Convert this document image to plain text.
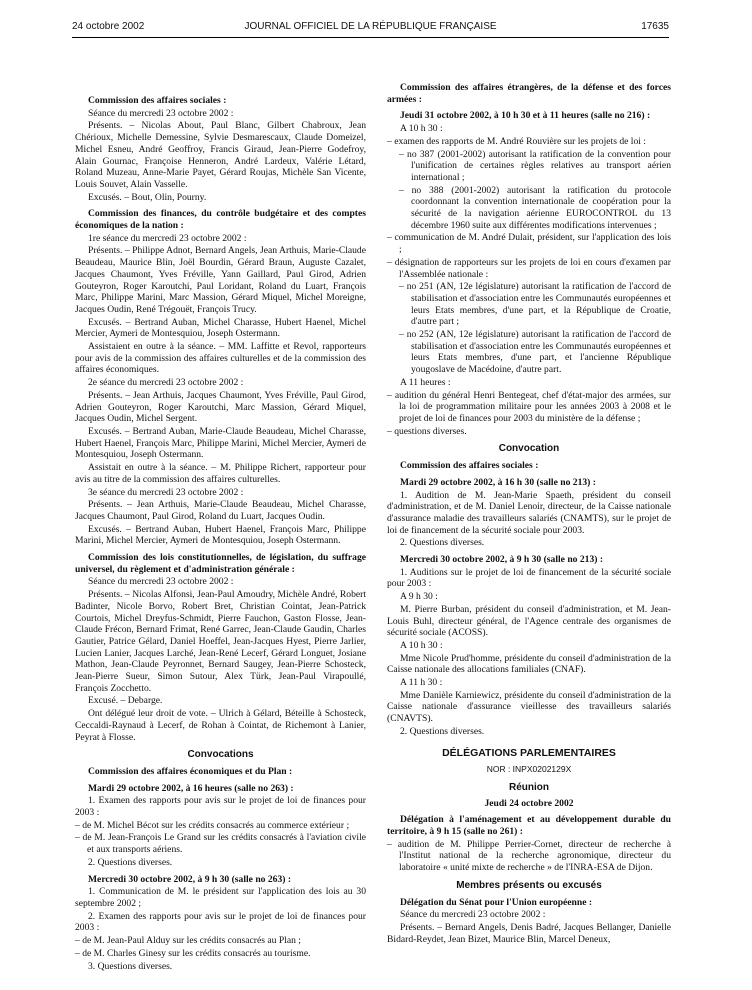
24 octobre 2002	JOURNAL OFFICIEL DE LA RÉPUBLIQUE FRANÇAISE	17635

Commission des affaires sociales :

Séance du mercredi 23 octobre 2002 :

Présents. – Nicolas About, Paul Blanc, Gilbert Chabroux, Jean Chérioux, Michelle Demessine, Sylvie Desmarescaux, Claude Domeizel, Michel Esneu, André Geoffroy, Francis Giraud, Jean-Pierre Godefroy, Alain Gournac, Françoise Henneron, André Lardeux, Valérie Létard, Roland Muzeau, Anne-Marie Payet, Gérard Roujas, Michèle San Vicente, Louis Souvet, Alain Vasselle.

Excusés. – Bout, Olin, Pourny.

Commission des finances, du contrôle budgétaire et des comptes économiques de la nation :

1re séance du mercredi 23 octobre 2002 :

Présents. – Philippe Adnot, Bernard Angels, Jean Arthuis, Marie-Claude Beaudeau, Maurice Blin, Joël Bourdin, Gérard Braun, Auguste Cazalet, Jacques Chaumont, Yves Fréville, Yann Gaillard, Paul Girod, Adrien Gouteyron, Roger Karoutchi, Paul Loridant, Roland du Luart, François Marc, Philippe Marini, Marc Massion, Gérard Miquel, Michel Moreigne, Jacques Oudin, René Trégouët, François Trucy.

Excusés. – Bertrand Auban, Michel Charasse, Hubert Haenel, Michel Mercier, Aymeri de Montesquiou, Joseph Ostermann.

Assistaient en outre à la séance. – MM. Laffitte et Revol, rapporteurs pour avis de la commission des affaires culturelles et de la commission des affaires économiques.

2e séance du mercredi 23 octobre 2002 :

Présents. – Jean Arthuis, Jacques Chaumont, Yves Fréville, Paul Girod, Adrien Gouteyron, Roger Karoutchi, Marc Massion, Gérard Miquel, Jacques Oudin, Michel Sergent.

Excusés. – Bertrand Auban, Marie-Claude Beaudeau, Michel Charasse, Hubert Haenel, François Marc, Philippe Marini, Michel Mercier, Aymeri de Montesquiou, Joseph Ostermann.

Assistait en outre à la séance. – M. Philippe Richert, rapporteur pour avis au titre de la commission des affaires culturelles.

3e séance du mercredi 23 octobre 2002 :

Présents. – Jean Arthuis, Marie-Claude Beaudeau, Michel Charasse, Jacques Chaumont, Paul Girod, Roland du Luart, Jacques Oudin.

Excusés. – Bertrand Auban, Hubert Haenel, François Marc, Philippe Marini, Michel Mercier, Aymeri de Montesquiou, Joseph Ostermann.

Commission des lois constitutionnelles, de législation, du suffrage universel, du règlement et d'administration générale :

Séance du mercredi 23 octobre 2002 :

Présents. – Nicolas Alfonsi, Jean-Paul Amoudry, Michèle André, Robert Badinter, Nicole Borvo, Robert Bret, Christian Cointat, Jean-Patrick Courtois, Michel Dreyfus-Schmidt, Pierre Fauchon, Gaston Flosse, Jean-Claude Frécon, Bernard Frimat, René Garrec, Jean-Claude Gaudin, Charles Gautier, Patrice Gélard, Daniel Hoeffel, Jean-Jacques Hyest, Pierre Jarlier, Lucien Lanier, Jacques Larché, Jean-René Lecerf, Gérard Longuet, Josiane Mathon, Jean-Claude Peyronnet, Bernard Saugey, Jean-Pierre Schosteck, Jean-Pierre Sueur, Simon Sutour, Alex Türk, Jean-Paul Virapoullé, François Zocchetto.

Excusé. – Debarge.

Ont délégué leur droit de vote. – Ulrich à Gélard, Béteille à Schosteck, Ceccaldi-Raynaud à Lecerf, de Rohan à Cointat, de Richemont à Lanier, Peyrat à Flosse.

Convocations

Commission des affaires économiques et du Plan :

Mardi 29 octobre 2002, à 16 heures (salle no 263) :

1. Examen des rapports pour avis sur le projet de loi de finances pour 2003 :

– de M. Michel Bécot sur les crédits consacrés au commerce extérieur ;

– de M. Jean-François Le Grand sur les crédits consacrés à l'aviation civile et aux transports aériens.

2. Questions diverses.

Mercredi 30 octobre 2002, à 9 h 30 (salle no 263) :

1. Communication de M. le président sur l'application des lois au 30 septembre 2002 ;

2. Examen des rapports pour avis sur le projet de loi de finances pour 2003 :

– de M. Jean-Paul Alduy sur les crédits consacrés au Plan ;

– de M. Charles Ginesy sur les crédits consacrés au tourisme.

3. Questions diverses.

Commission des affaires étrangères, de la défense et des forces armées :

Jeudi 31 octobre 2002, à 10 h 30 et à 11 heures (salle no 216) :

A 10 h 30 :

– examen des rapports de M. André Rouvière sur les projets de loi :

– no 387 (2001-2002) autorisant la ratification de la convention pour l'unification de certaines règles relatives au transport aérien international ;

– no 388 (2001-2002) autorisant la ratification du protocole coordonnant la convention internationale de coopération pour la sécurité de la navigation aérienne EUROCONTROL du 13 décembre 1960 suite aux différentes modifications intervenues ;

– communication de M. André Dulait, président, sur l'application des lois ;

– désignation de rapporteurs sur les projets de loi en cours d'examen par l'Assemblée nationale :

– no 251 (AN, 12e législature) autorisant la ratification de l'accord de stabilisation et d'association entre les Communautés européennes et leurs Etats membres, d'une part, et la République de Croatie, d'autre part ;

– no 252 (AN, 12e législature) autorisant la ratification de l'accord de stabilisation et d'association entre les Communautés européennes et leurs Etats membres, d'une part, et l'ancienne République yougoslave de Macédoine, d'autre part.

A 11 heures :

– audition du général Henri Bentegeat, chef d'état-major des armées, sur la loi de programmation militaire pour les années 2003 à 2008 et le projet de loi de finances pour 2003 du ministère de la défense ;

– questions diverses.

Convocation

Commission des affaires sociales :

Mardi 29 octobre 2002, à 16 h 30 (salle no 213) :

1. Audition de M. Jean-Marie Spaeth, président du conseil d'administration, et de M. Daniel Lenoir, directeur, de la Caisse nationale d'assurance maladie des travailleurs salariés (CNAMTS), sur le projet de loi de financement de la sécurité sociale pour 2003.

2. Questions diverses.

Mercredi 30 octobre 2002, à 9 h 30 (salle no 213) :

1. Auditions sur le projet de loi de financement de la sécurité sociale pour 2003 :

A 9 h 30 :

M. Pierre Burban, président du conseil d'administration, et M. Jean-Louis Buhl, directeur général, de l'Agence centrale des organismes de sécurité sociale (ACOSS).

A 10 h 30 :

Mme Nicole Prud'homme, présidente du conseil d'administration de la Caisse nationale des allocations familiales (CNAF).

A 11 h 30 :

Mme Danièle Karniewicz, présidente du conseil d'administration de la Caisse nationale d'assurance vieillesse des travailleurs salariés (CNAVTS).

2. Questions diverses.

DÉLÉGATIONS PARLEMENTAIRES

NOR : INPX0202129X

Réunion

Jeudi 24 octobre 2002

Délégation à l'aménagement et au développement durable du territoire, à 9 h 15 (salle no 261) :

– audition de M. Philippe Perrier-Cornet, directeur de recherche à l'Institut national de la recherche agronomique, directeur du laboratoire « unité mixte de recherche » de l'INRA-ESA de Dijon.

Membres présents ou excusés

Délégation du Sénat pour l'Union européenne :

Séance du mercredi 23 octobre 2002 :

Présents. – Bernard Angels, Denis Badré, Jacques Bellanger, Danielle Bidard-Reydet, Jean Bizet, Maurice Blin, Marcel Deneux,
